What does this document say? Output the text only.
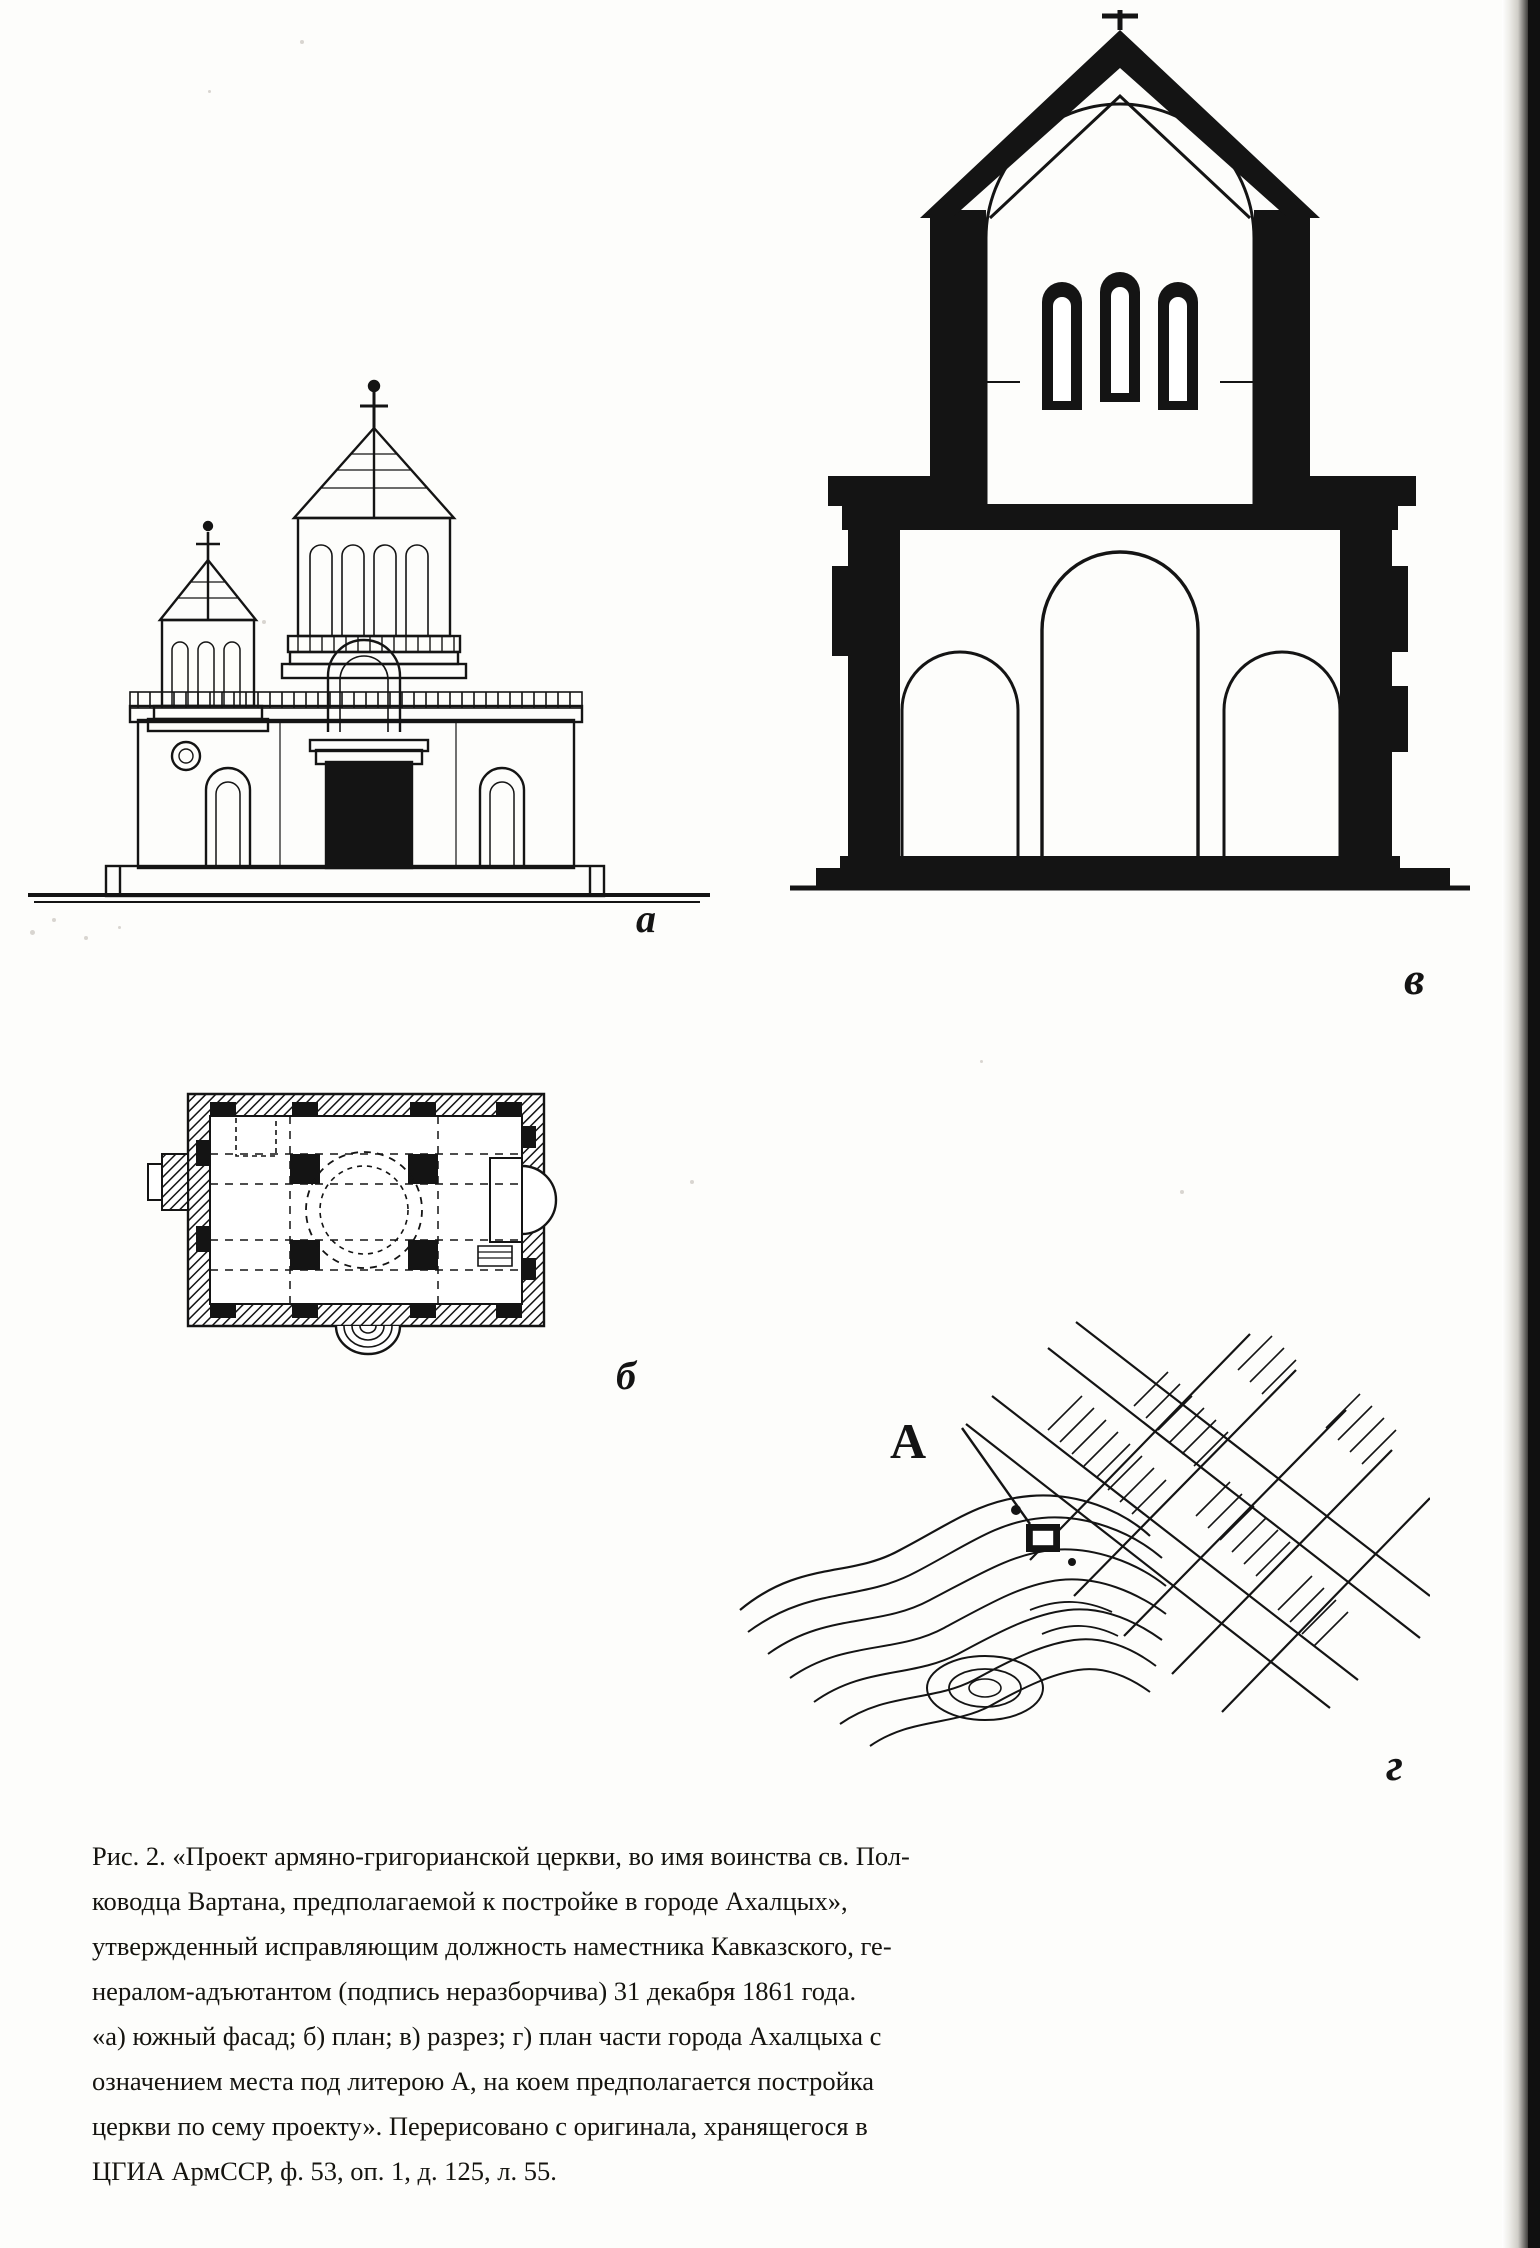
а
в
б
А
г
Рис. 2. «Проект армяно-григорианской церкви, во имя воинства св. Пол-
ководца Вартана, предполагаемой к постройке в городе Ахалцых»,
утвержденный исправляющим должность наместника Кавказского, ге-
нералом-адъютантом (подпись неразборчива) 31 декабря 1861 года.
«а) южный фасад; б) план; в) разрез; г) план части города Ахалцыха с
означением места под литерою А, на коем предполагается постройка
церкви по сему проекту». Перерисовано с оригинала, хранящегося в
ЦГИА АрмССР, ф. 53, оп. 1, д. 125, л. 55.
